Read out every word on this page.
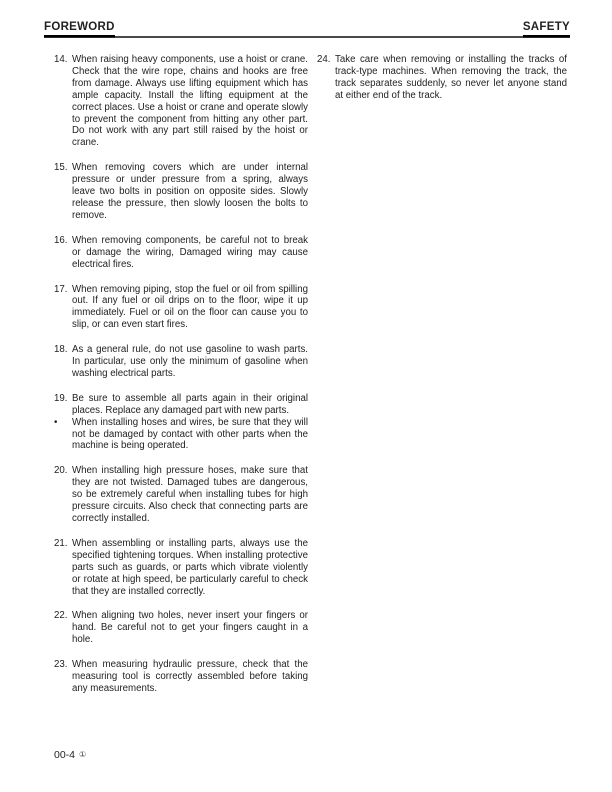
FOREWORD	SAFETY
14. When raising heavy components, use a hoist or crane. Check that the wire rope, chains and hooks are free from damage. Always use lifting equipment which has ample capacity. Install the lifting equipment at the correct places. Use a hoist or crane and operate slowly to prevent the component from hitting any other part. Do not work with any part still raised by the hoist or crane.
15. When removing covers which are under internal pressure or under pressure from a spring, always leave two bolts in position on opposite sides. Slowly release the pressure, then slowly loosen the bolts to remove.
16. When removing components, be careful not to break or damage the wiring, Damaged wiring may cause electrical fires.
17. When removing piping, stop the fuel or oil from spilling out. If any fuel or oil drips on to the floor, wipe it up immediately. Fuel or oil on the floor can cause you to slip, or can even start fires.
18. As a general rule, do not use gasoline to wash parts. In particular, use only the minimum of gasoline when washing electrical parts.
19. Be sure to assemble all parts again in their original places. Replace any damaged part with new parts.
•	When installing hoses and wires, be sure that they will not be damaged by contact with other parts when the machine is being operated.
20. When installing high pressure hoses, make sure that they are not twisted. Damaged tubes are dangerous, so be extremely careful when installing tubes for high pressure circuits. Also check that connecting parts are correctly installed.
21. When assembling or installing parts, always use the specified tightening torques. When installing protective parts such as guards, or parts which vibrate violently or rotate at high speed, be particularly careful to check that they are installed correctly.
22. When aligning two holes, never insert your fingers or hand. Be careful not to get your fingers caught in a hole.
23. When measuring hydraulic pressure, check that the measuring tool is correctly assembled before taking any measurements.
24. Take care when removing or installing the tracks of track-type machines. When removing the track, the track separates suddenly, so never let anyone stand at either end of the track.
00-4 ①
